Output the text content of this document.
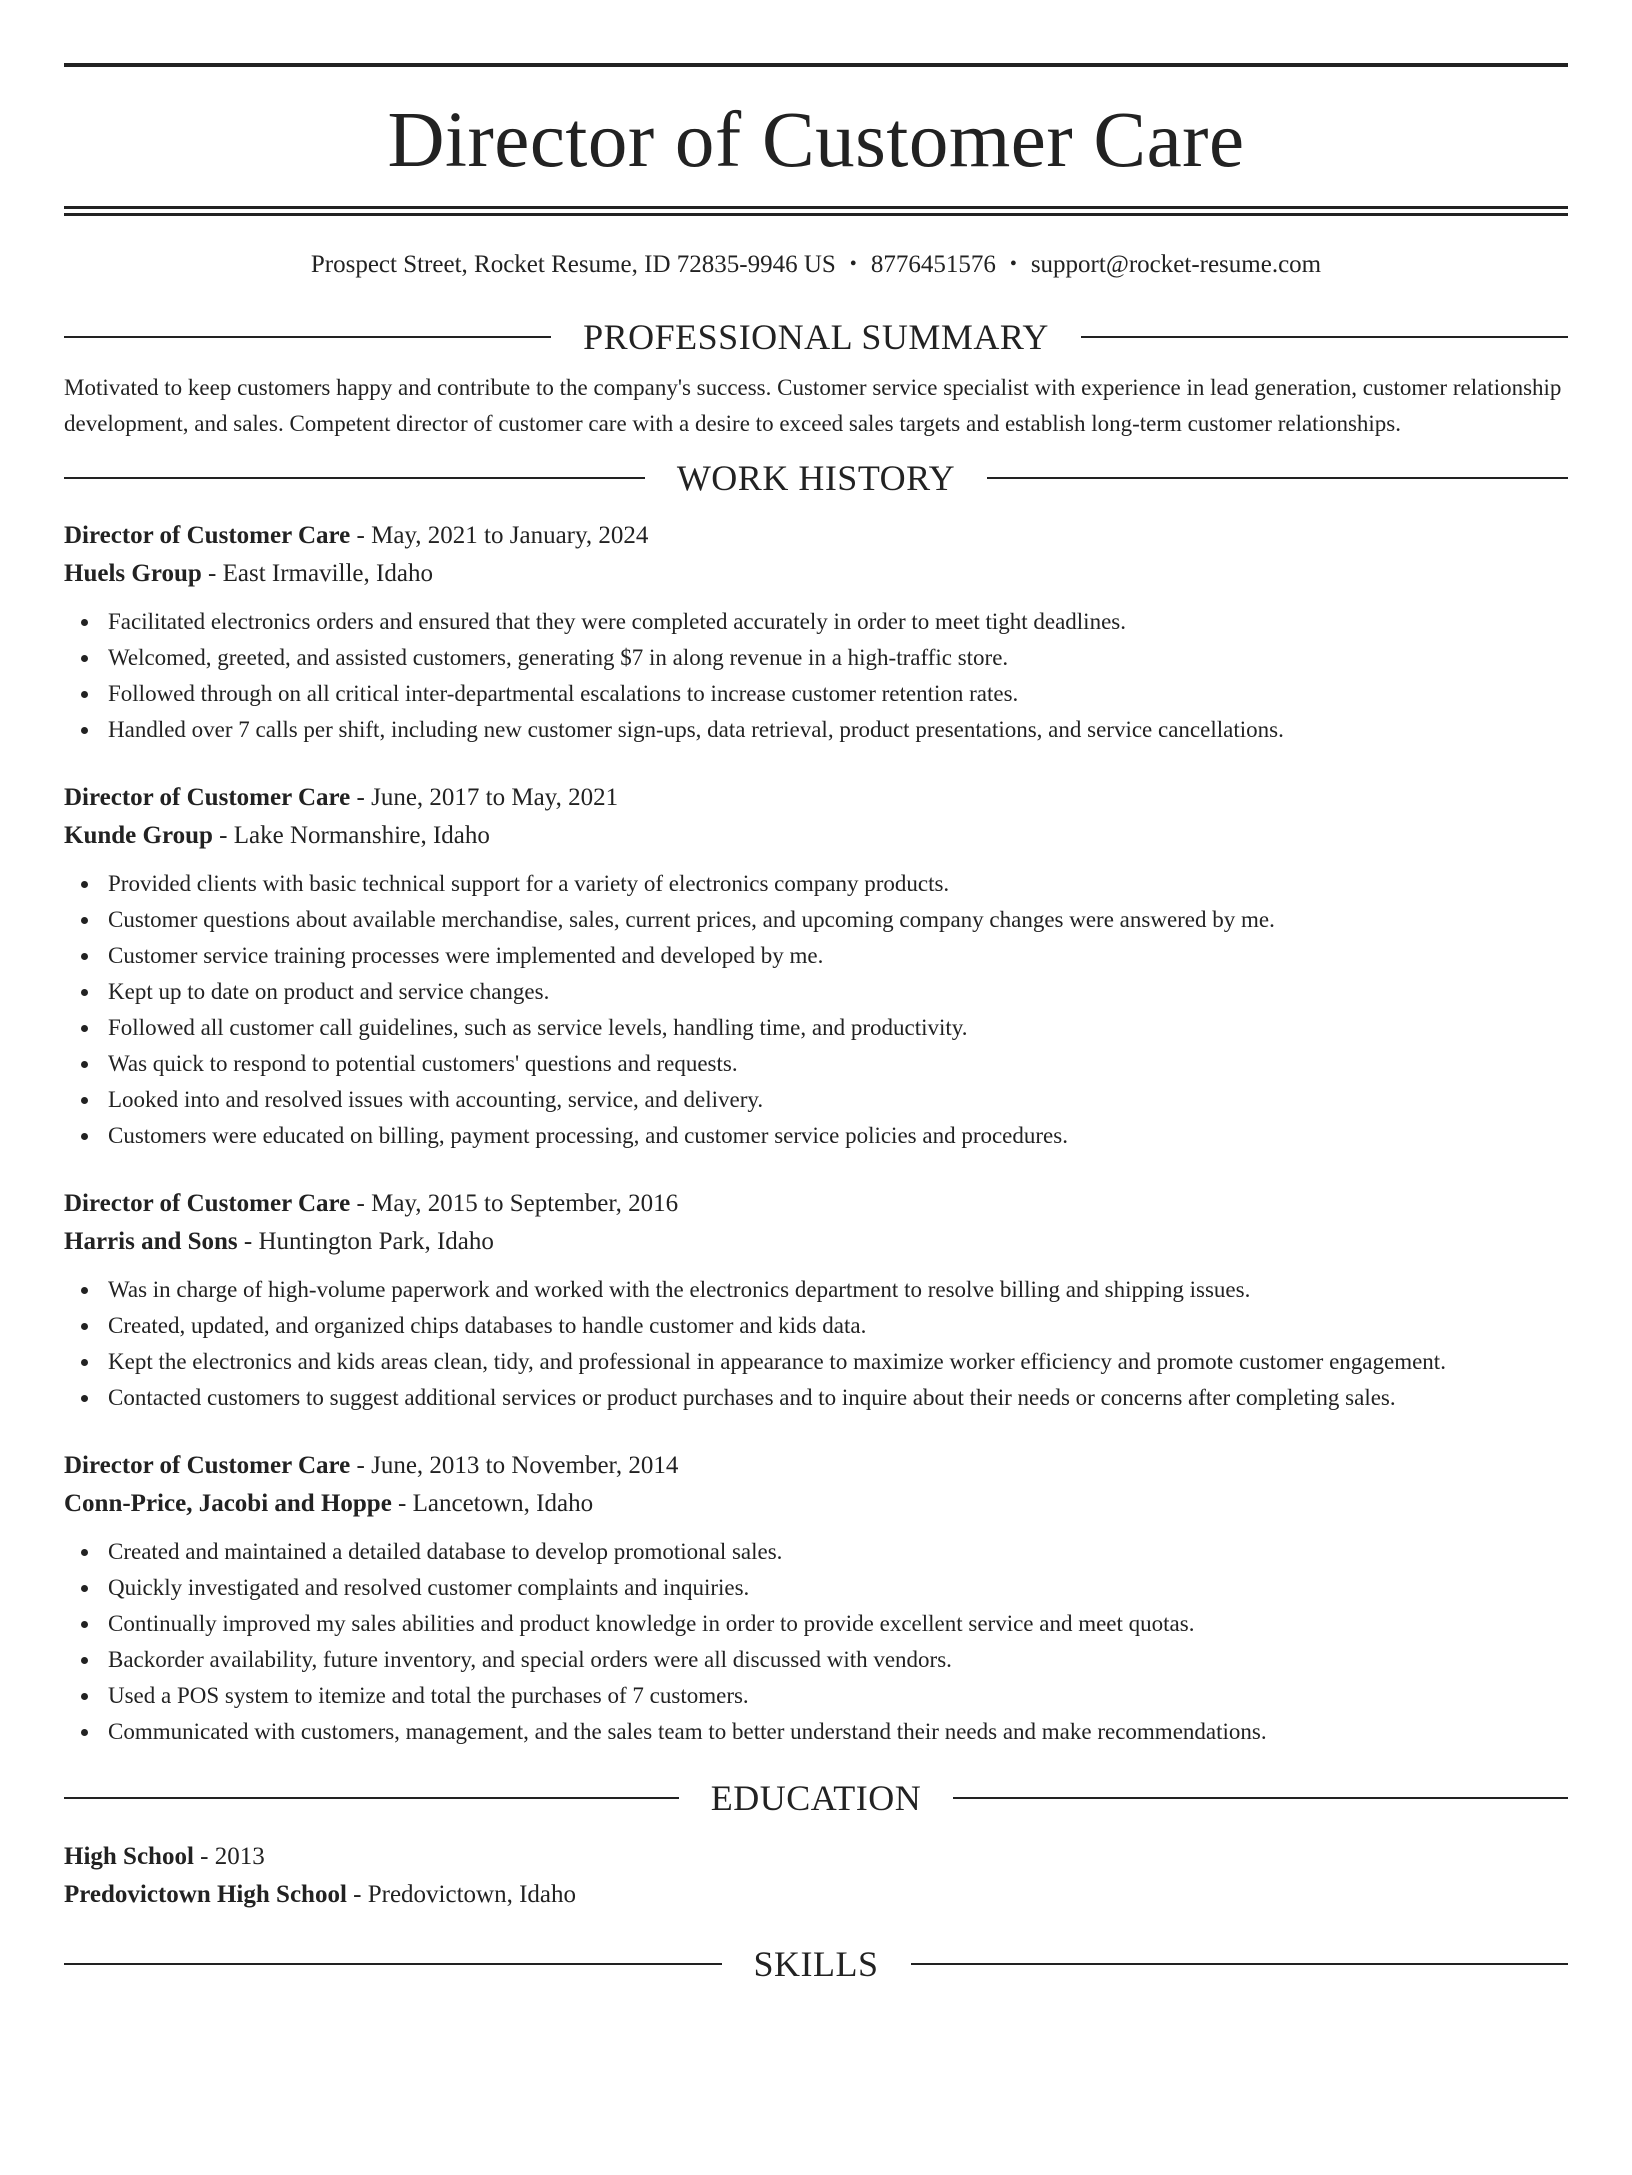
Director of Customer Care
Prospect Street, Rocket Resume, ID 72835-9946 US • 8776451576 • support@rocket-resume.com
PROFESSIONAL SUMMARY

Motivated to keep customers happy and contribute to the company's success. Customer service specialist with experience in lead generation, customer relationship development, and sales. Competent director of customer care with a desire to exceed sales targets and establish long-term customer relationships.

WORK HISTORY
Director of Customer Care - May, 2021 to January, 2024
Huels Group - East Irmaville, Idaho
Facilitated electronics orders and ensured that they were completed accurately in order to meet tight deadlines.
Welcomed, greeted, and assisted customers, generating $7 in along revenue in a high-traffic store.
Followed through on all critical inter-departmental escalations to increase customer retention rates.
Handled over 7 calls per shift, including new customer sign-ups, data retrieval, product presentations, and service cancellations.
Director of Customer Care - June, 2017 to May, 2021
Kunde Group - Lake Normanshire, Idaho
Provided clients with basic technical support for a variety of electronics company products.
Customer questions about available merchandise, sales, current prices, and upcoming company changes were answered by me.
Customer service training processes were implemented and developed by me.
Kept up to date on product and service changes.
Followed all customer call guidelines, such as service levels, handling time, and productivity.
Was quick to respond to potential customers' questions and requests.
Looked into and resolved issues with accounting, service, and delivery.
Customers were educated on billing, payment processing, and customer service policies and procedures.
Director of Customer Care - May, 2015 to September, 2016
Harris and Sons - Huntington Park, Idaho
Was in charge of high-volume paperwork and worked with the electronics department to resolve billing and shipping issues.
Created, updated, and organized chips databases to handle customer and kids data.
Kept the electronics and kids areas clean, tidy, and professional in appearance to maximize worker efficiency and promote customer engagement.
Contacted customers to suggest additional services or product purchases and to inquire about their needs or concerns after completing sales.
Director of Customer Care - June, 2013 to November, 2014
Conn-Price, Jacobi and Hoppe - Lancetown, Idaho
Created and maintained a detailed database to develop promotional sales.
Quickly investigated and resolved customer complaints and inquiries.
Continually improved my sales abilities and product knowledge in order to provide excellent service and meet quotas.
Backorder availability, future inventory, and special orders were all discussed with vendors.
Used a POS system to itemize and total the purchases of 7 customers.
Communicated with customers, management, and the sales team to better understand their needs and make recommendations.
EDUCATION
High School - 2013
Predovictown High School - Predovictown, Idaho
SKILLS
